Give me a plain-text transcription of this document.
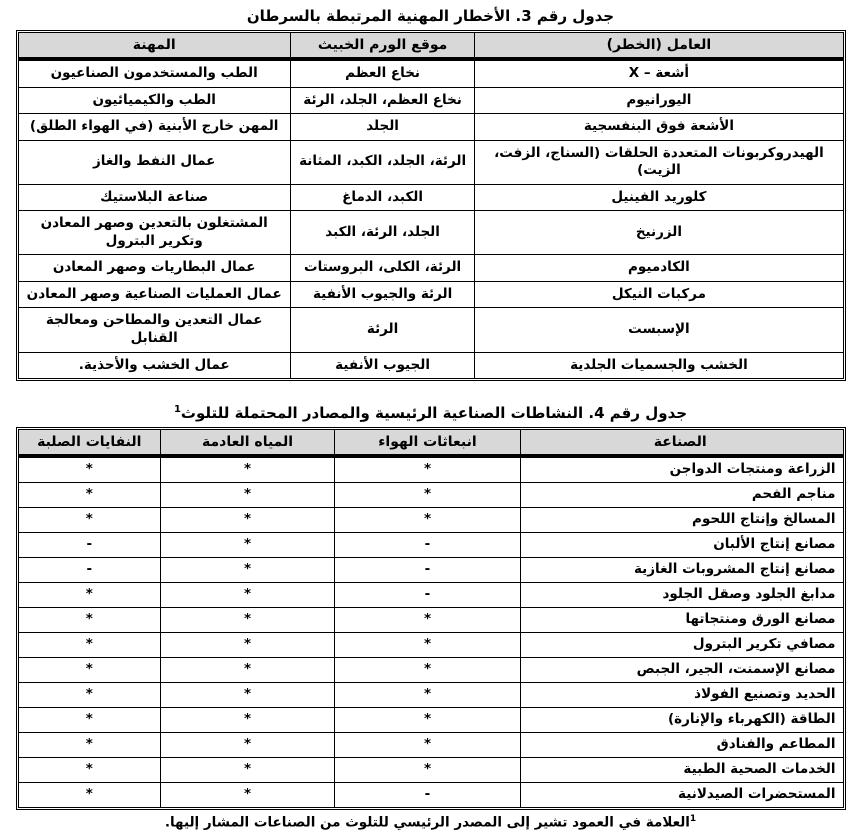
جدول رقم 3. الأخطار المهنية المرتبطة بالسرطان
العامل (الخطر)	موقع الورم الخبيث	المهنة
أشعة – X	نخاع العظم	الطب والمستخدمون الصناعيون
اليورانيوم	نخاع العظم، الجلد، الرئة	الطب والكيميائيون
الأشعة فوق البنفسجية	الجلد	المهن خارج الأبنية (في الهواء الطلق)
الهيدروكربونات المتعددة الحلقات (السناج، الزفت، الزيت)	الرئة، الجلد، الكبد، المثانة	عمال النفط والغاز
كلوريد الفينيل	الكبد، الدماغ	صناعة البلاستيك
الزرنيخ	الجلد، الرئة، الكبد	المشتغلون بالتعدين وصهر المعادن وتكرير البترول
الكادميوم	الرئة، الكلى، البروستات	عمال البطاريات وصهر المعادن
مركبات النيكل	الرئة والجيوب الأنفية	عمال العمليات الصناعية وصهر المعادن
الإسبست	الرئة	عمال التعدين والمطاحن ومعالجة القنابل
الخشب والجسميات الجلدية	الجيوب الأنفية	عمال الخشب والأحذية.
جدول رقم 4. النشاطات الصناعية الرئيسية والمصادر المحتملة للتلوث$^1$
الصناعة	انبعاثات الهواء	المياه العادمة	النفايات الصلبة
الزراعة ومنتجات الدواجن	*	*	*
مناجم الفحم	*	*	*
المسالخ وإنتاج اللحوم	*	*	*
مصانع إنتاج الألبان	-	*	-
مصانع إنتاج المشروبات الغازية	-	*	-
مدابغ الجلود وصقل الجلود	-	*	*
مصانع الورق ومنتجاتها	*	*	*
مصافي تكرير البترول	*	*	*
مصانع الإسمنت، الجير، الجبص	*	*	*
الحديد وتصنيع الفولاذ	*	*	*
الطاقة (الكهرباء والإنارة)	*	*	*
المطاعم والفنادق	*	*	*
الخدمات الصحية الطبية	*	*	*
المستحضرات الصيدلانية	-	*	*
$^1$العلامة في العمود تشير إلى المصدر الرئيسي للتلوث من الصناعات المشار إليها.
